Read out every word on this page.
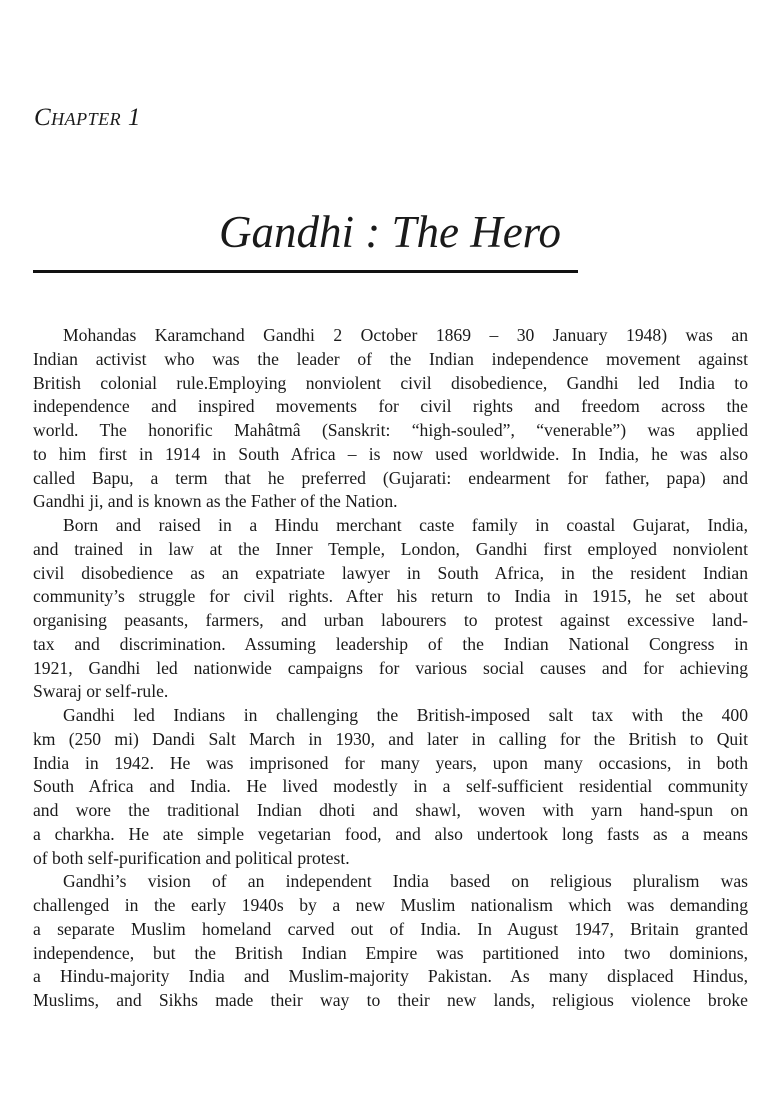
Chapter 1
Gandhi : The Hero
Mohandas Karamchand Gandhi 2 October 1869 – 30 January 1948) was an
Indian activist who was the leader of the Indian independence movement against
British colonial rule.Employing nonviolent civil disobedience, Gandhi led India to
independence and inspired movements for civil rights and freedom across the
world. The honorific Mahâtmâ (Sanskrit: “high-souled”, “venerable”) was applied
to him first in 1914 in South Africa – is now used worldwide. In India, he was also
called Bapu, a term that he preferred (Gujarati: endearment for father, papa) and
Gandhi ji, and is known as the Father of the Nation.
Born and raised in a Hindu merchant caste family in coastal Gujarat, India,
and trained in law at the Inner Temple, London, Gandhi first employed nonviolent
civil disobedience as an expatriate lawyer in South Africa, in the resident Indian
community’s struggle for civil rights. After his return to India in 1915, he set about
organising peasants, farmers, and urban labourers to protest against excessive land-
tax and discrimination. Assuming leadership of the Indian National Congress in
1921, Gandhi led nationwide campaigns for various social causes and for achieving
Swaraj or self-rule.
Gandhi led Indians in challenging the British-imposed salt tax with the 400
km (250 mi) Dandi Salt March in 1930, and later in calling for the British to Quit
India in 1942. He was imprisoned for many years, upon many occasions, in both
South Africa and India. He lived modestly in a self-sufficient residential community
and wore the traditional Indian dhoti and shawl, woven with yarn hand-spun on
a charkha. He ate simple vegetarian food, and also undertook long fasts as a means
of both self-purification and political protest.
Gandhi’s vision of an independent India based on religious pluralism was
challenged in the early 1940s by a new Muslim nationalism which was demanding
a separate Muslim homeland carved out of India. In August 1947, Britain granted
independence, but the British Indian Empire was partitioned into two dominions,
a Hindu-majority India and Muslim-majority Pakistan. As many displaced Hindus,
Muslims, and Sikhs made their way to their new lands, religious violence broke
